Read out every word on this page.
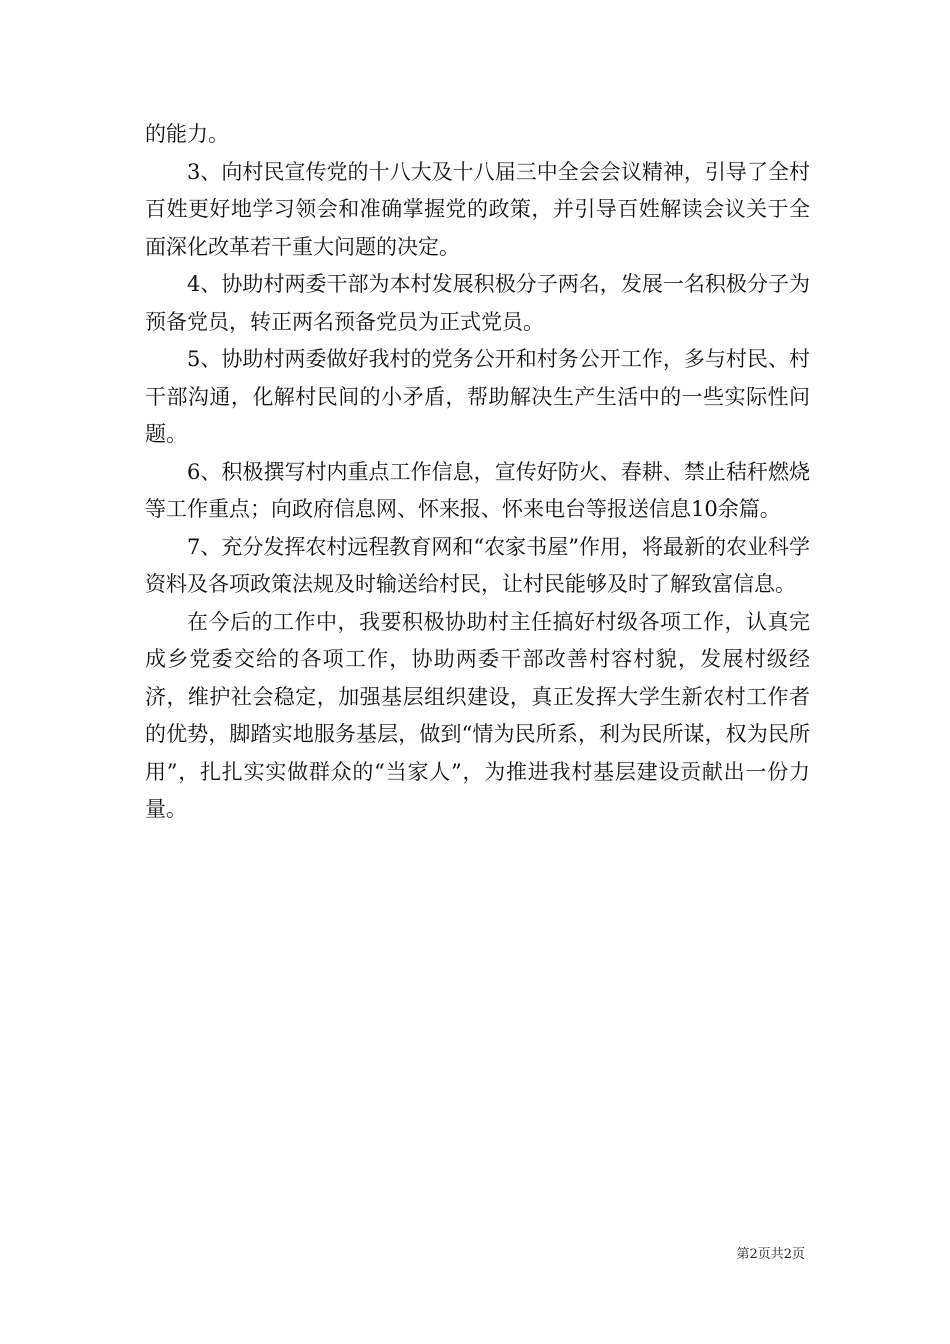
的能力。

3、向村民宣传党的十八大及十八届三中全会会议精神，引导了全村百姓更好地学习领会和准确掌握党的政策，并引导百姓解读会议关于全面深化改革若干重大问题的决定。

4、协助村两委干部为本村发展积极分子两名，发展一名积极分子为预备党员，转正两名预备党员为正式党员。

5、协助村两委做好我村的党务公开和村务公开工作，多与村民、村干部沟通，化解村民间的小矛盾，帮助解决生产生活中的一些实际性问题。

6、积极撰写村内重点工作信息，宣传好防火、春耕、禁止秸秆燃烧等工作重点；向政府信息网、怀来报、怀来电台等报送信息10余篇。

7、充分发挥农村远程教育网和“农家书屋”作用，将最新的农业科学资料及各项政策法规及时输送给村民，让村民能够及时了解致富信息。

在今后的工作中，我要积极协助村主任搞好村级各项工作，认真完成乡党委交给的各项工作，协助两委干部改善村容村貌，发展村级经济，维护社会稳定，加强基层组织建设，真正发挥大学生新农村工作者的优势，脚踏实地服务基层，做到“情为民所系，利为民所谋，权为民所用”，扎扎实实做群众的“当家人”，为推进我村基层建设贡献出一份力量。

第2页共2页
